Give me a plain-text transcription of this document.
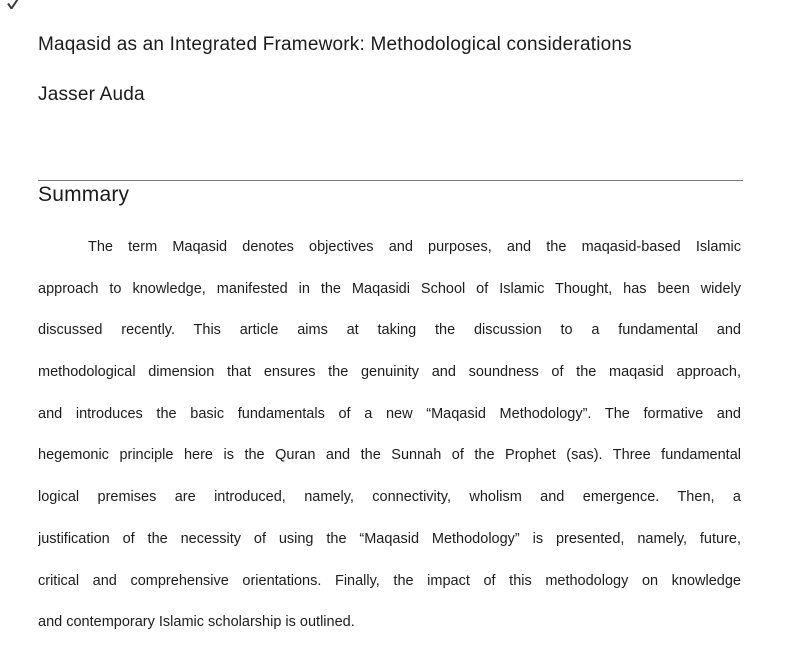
Maqasid as an Integrated Framework: Methodological considerations
Jasser Auda
Summary
The term Maqasid denotes objectives and purposes, and the maqasid-based Islamic
approach to knowledge, manifested in the Maqasidi School of Islamic Thought, has been widely
discussed recently. This article aims at taking the discussion to a fundamental and
methodological dimension that ensures the genuinity and soundness of the maqasid approach,
and introduces the basic fundamentals of a new “Maqasid Methodology”. The formative and
hegemonic principle here is the Quran and the Sunnah of the Prophet (sas). Three fundamental
logical premises are introduced, namely, connectivity, wholism and emergence. Then, a
justification of the necessity of using the “Maqasid Methodology” is presented, namely, future,
critical and comprehensive orientations. Finally, the impact of this methodology on knowledge
and contemporary Islamic scholarship is outlined.
